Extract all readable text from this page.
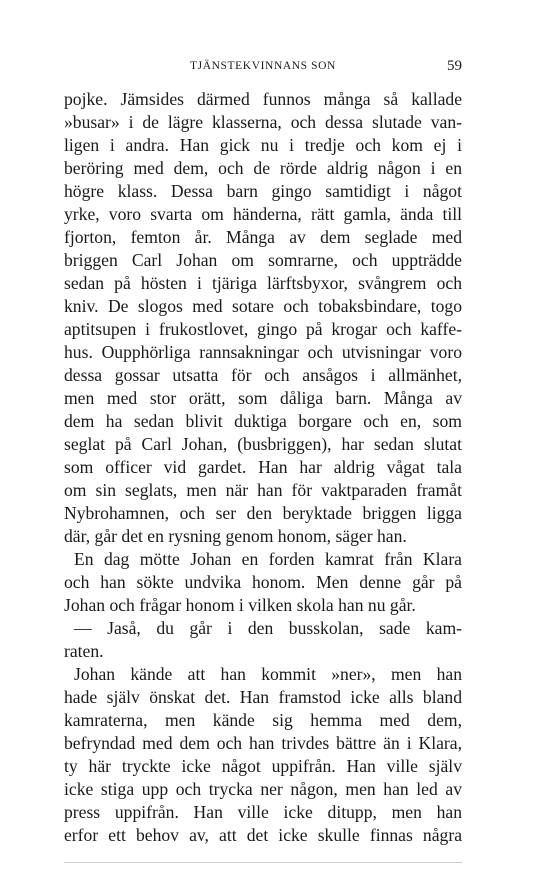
TJÄNSTEKVINNANS SON	59
pojke. Jämsides därmed funnos många så kallade
»busar» i de lägre klasserna, och dessa slutade van-
ligen i andra. Han gick nu i tredje och kom ej i
beröring med dem, och de rörde aldrig någon i en
högre klass. Dessa barn gingo samtidigt i något
yrke, voro svarta om händerna, rätt gamla, ända till
fjorton, femton år. Många av dem seglade med
briggen Carl Johan om somrarne, och uppträdde
sedan på hösten i tjäriga lärftsbyxor, svångrem och
kniv. De slogos med sotare och tobaksbindare, togo
aptitsupen i frukostlovet, gingo på krogar och kaffe-
hus. Oupphörliga rannsakningar och utvisningar voro
dessa gossar utsatta för och ansågos i allmänhet,
men med stor orätt, som dåliga barn. Många av
dem ha sedan blivit duktiga borgare och en, som
seglat på Carl Johan, (busbriggen), har sedan slutat
som officer vid gardet. Han har aldrig vågat tala
om sin seglats, men när han för vaktparaden framåt
Nybrohamnen, och ser den beryktade briggen ligga
där, går det en rysning genom honom, säger han.
En dag mötte Johan en forden kamrat från Klara
och han sökte undvika honom. Men denne går på
Johan och frågar honom i vilken skola han nu går.
— Jaså, du går i den busskolan, sade kam-
raten.
Johan kände att han kommit »ner», men han
hade själv önskat det. Han framstod icke alls bland
kamraterna, men kände sig hemma med dem,
befryndad med dem och han trivdes bättre än i Klara,
ty här tryckte icke något uppifrån. Han ville själv
icke stiga upp och trycka ner någon, men han led av
press uppifrån. Han ville icke ditupp, men han
erfor ett behov av, att det icke skulle finnas några
